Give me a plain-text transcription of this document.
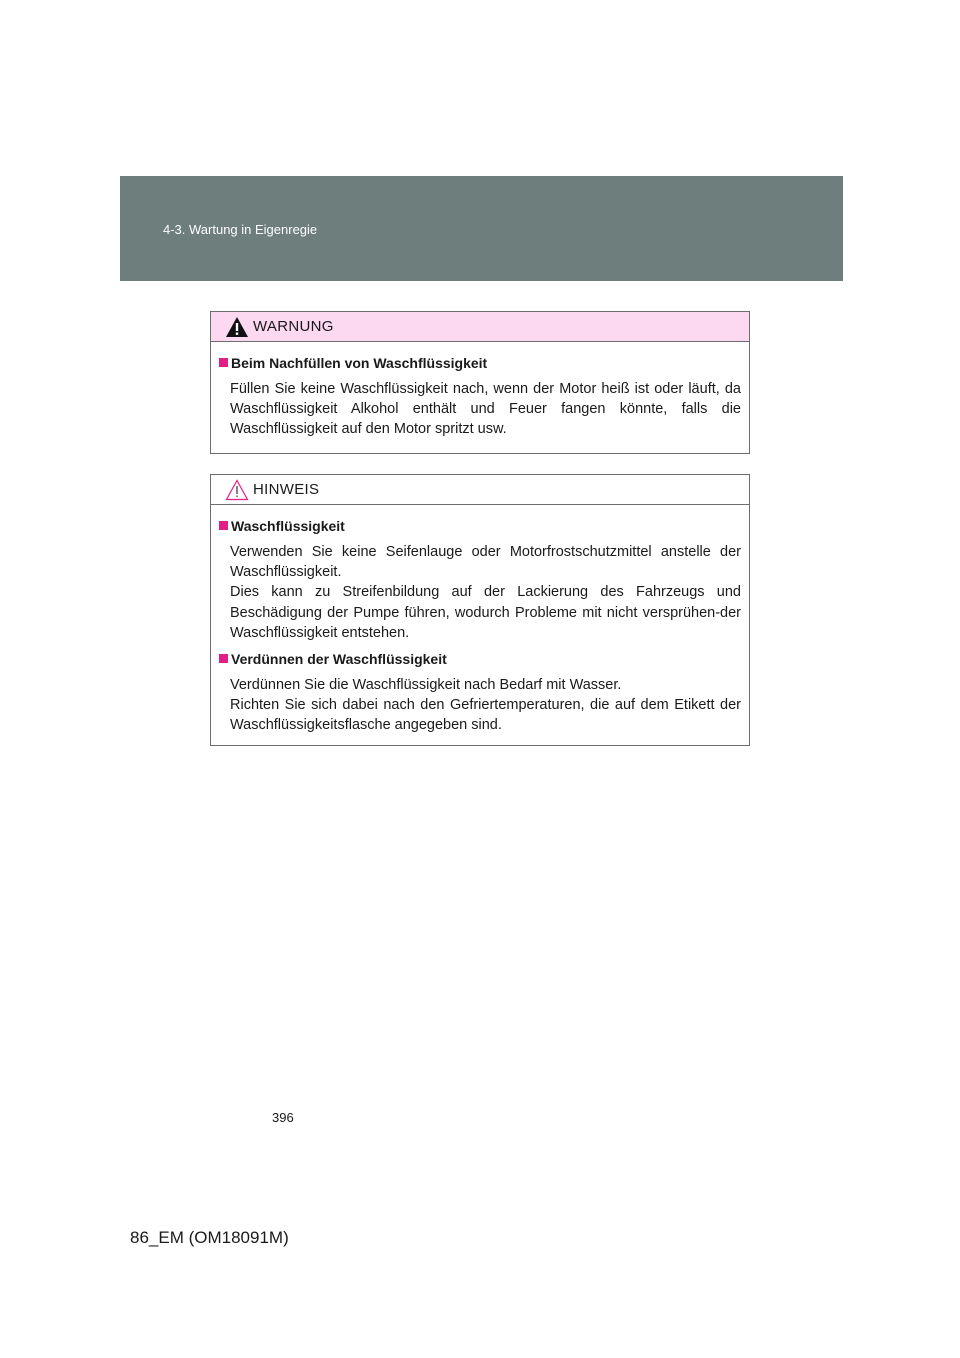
4-3. Wartung in Eigenregie
WARNUNG
Beim Nachfüllen von Waschflüssigkeit
Füllen Sie keine Waschflüssigkeit nach, wenn der Motor heiß ist oder läuft, da Waschflüssigkeit Alkohol enthält und Feuer fangen könnte, falls die Waschflüssigkeit auf den Motor spritzt usw.
HINWEIS
Waschflüssigkeit
Verwenden Sie keine Seifenlauge oder Motorfrostschutzmittel anstelle der Waschflüssigkeit.
Dies kann zu Streifenbildung auf der Lackierung des Fahrzeugs und Beschädigung der Pumpe führen, wodurch Probleme mit nicht versprühen-der Waschflüssigkeit entstehen.
Verdünnen der Waschflüssigkeit
Verdünnen Sie die Waschflüssigkeit nach Bedarf mit Wasser.
Richten Sie sich dabei nach den Gefriertemperaturen, die auf dem Etikett der Waschflüssigkeitsflasche angegeben sind.
396
86_EM (OM18091M)
